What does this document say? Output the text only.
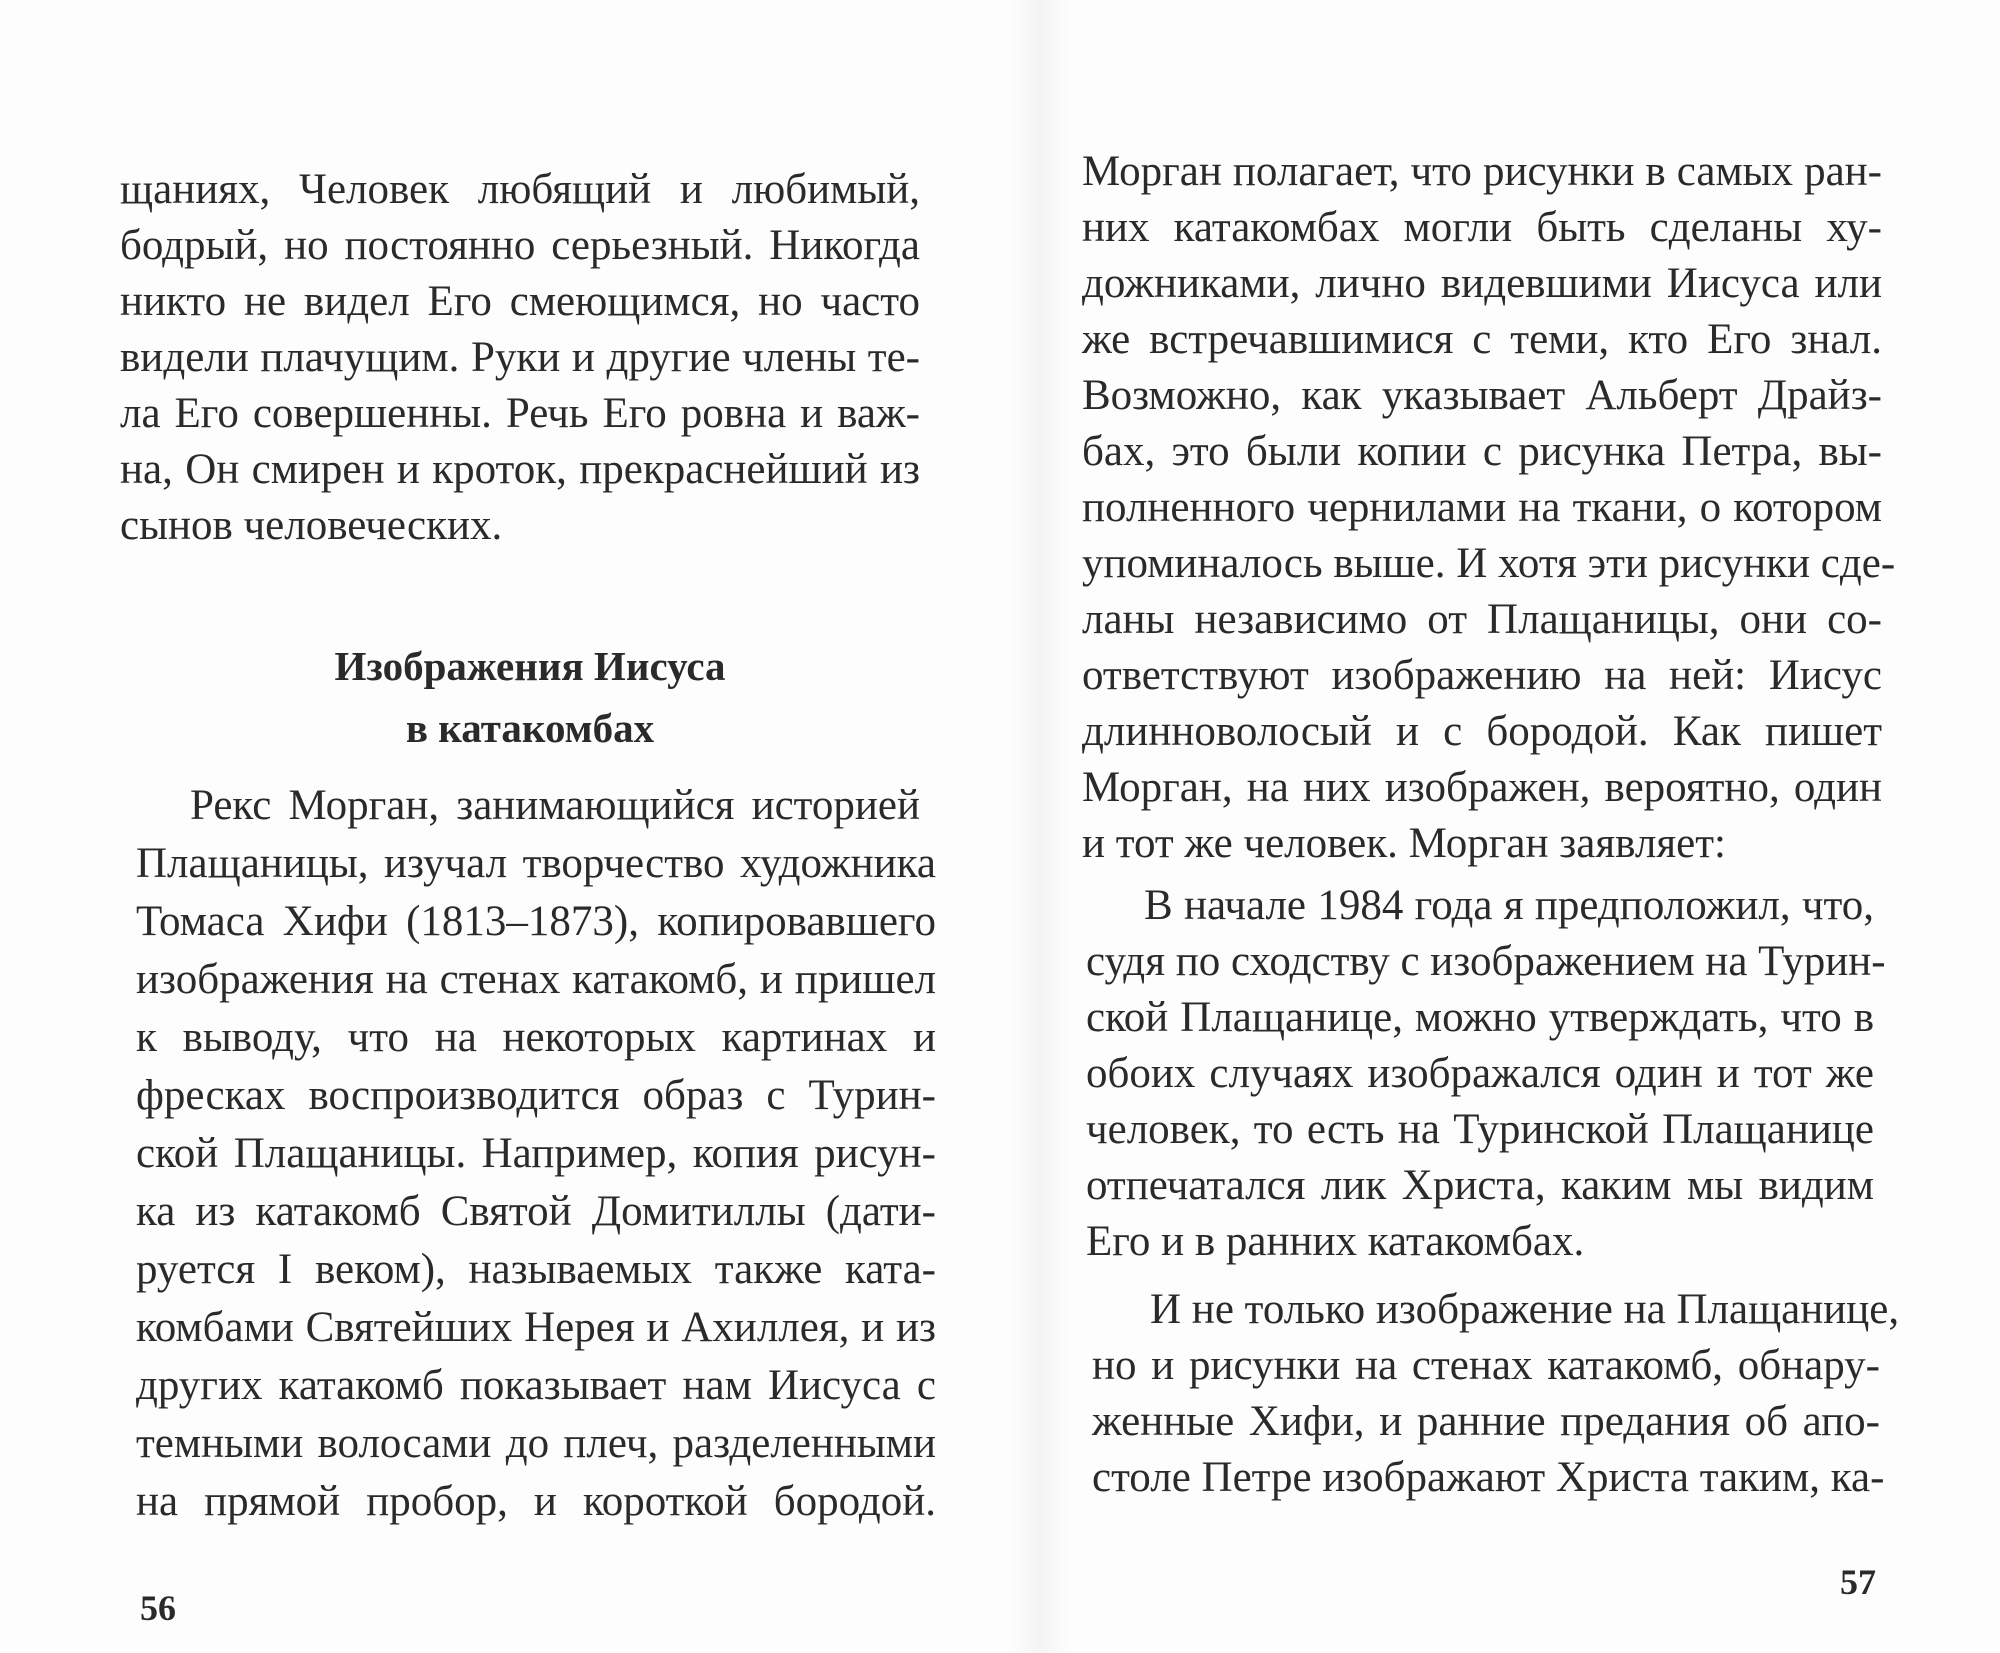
щаниях, Человек любящий и любимый,
бодрый, но постоянно серьезный. Никогда
никто не видел Его смеющимся, но часто
видели плачущим. Руки и другие члены те-
ла Его совершенны. Речь Его ровна и важ-
на, Он смирен и кроток, прекраснейший из
сынов человеческих.
Изображения Иисуса
в катакомбах
Рекс Морган, занимающийся историей
Плащаницы, изучал творчество художника
Томаса Хифи (1813–1873), копировавшего
изображения на стенах катакомб, и пришел
к выводу, что на некоторых картинах и
фресках воспроизводится образ с Турин-
ской Плащаницы. Например, копия рисун-
ка из катакомб Святой Домитиллы (дати-
руется I веком), называемых также ката-
комбами Святейших Нерея и Ахиллея, и из
других катакомб показывает нам Иисуса с
темными волосами до плеч, разделенными
на прямой пробор, и короткой бородой.
56
Морган полагает, что рисунки в самых ран-
них катакомбах могли быть сделаны ху-
дожниками, лично видевшими Иисуса или
же встречавшимися с теми, кто Его знал.
Возможно, как указывает Альберт Драйз-
бах, это были копии с рисунка Петра, вы-
полненного чернилами на ткани, о котором
упоминалось выше. И хотя эти рисунки сде-
ланы независимо от Плащаницы, они со-
ответствуют изображению на ней: Иисус
длинноволосый и с бородой. Как пишет
Морган, на них изображен, вероятно, один
и тот же человек. Морган заявляет:
В начале 1984 года я предположил, что,
судя по сходству с изображением на Турин-
ской Плащанице, можно утверждать, что в
обоих случаях изображался один и тот же
человек, то есть на Туринской Плащанице
отпечатался лик Христа, каким мы видим
Его и в ранних катакомбах.
И не только изображение на Плащанице,
но и рисунки на стенах катакомб, обнару-
женные Хифи, и ранние предания об апо-
столе Петре изображают Христа таким, ка-
57
